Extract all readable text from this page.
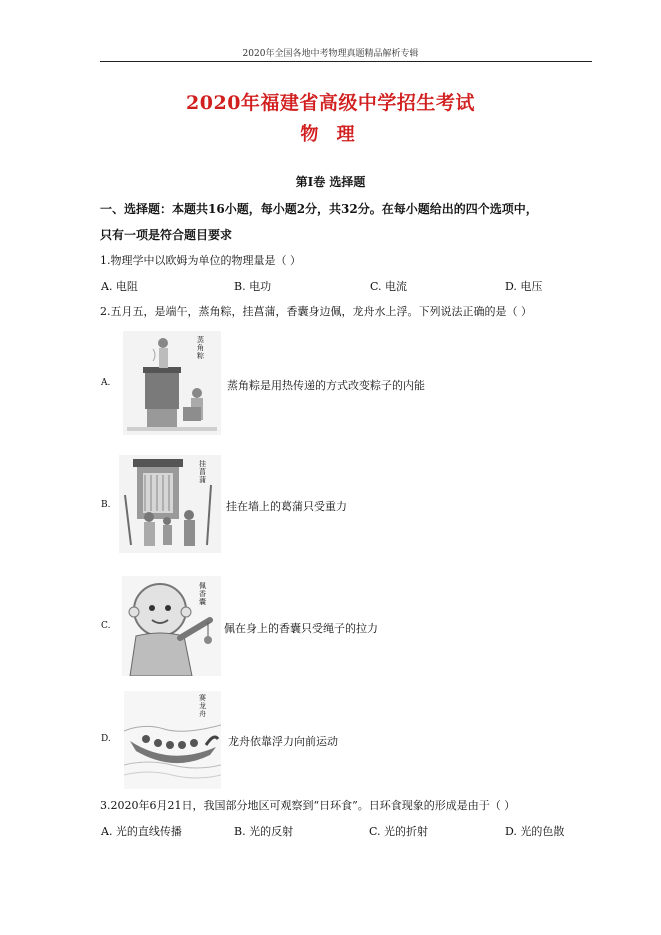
2020年全国各地中考物理真题精品解析专辑
2020年福建省高级中学招生考试
物 理
第I卷 选择题
一、选择题：本题共16小题，每小题2分，共32分。在每小题给出的四个选项中，
只有一项是符合题目要求
1.物理学中以欧姆为单位的物理量是（ ）
A. 电阻	B. 电功	C. 电流	D. 电压
2.五月五，是端午，蒸角粽，挂菖蒲，香囊身边佩，龙舟水上浮。下列说法正确的是（ ）
A.
蒸角粽
蒸角粽是用热传递的方式改变粽子的内能
B.
挂菖蒲
挂在墙上的葛蒲只受重力
C.
佩香囊
佩在身上的香囊只受绳子的拉力
D.
赛龙舟
龙舟依靠浮力向前运动
3.2020年6月21日，我国部分地区可观察到“日环食”。日环食现象的形成是由于（ ）
A. 光的直线传播	B. 光的反射	C. 光的折射	D. 光的色散
